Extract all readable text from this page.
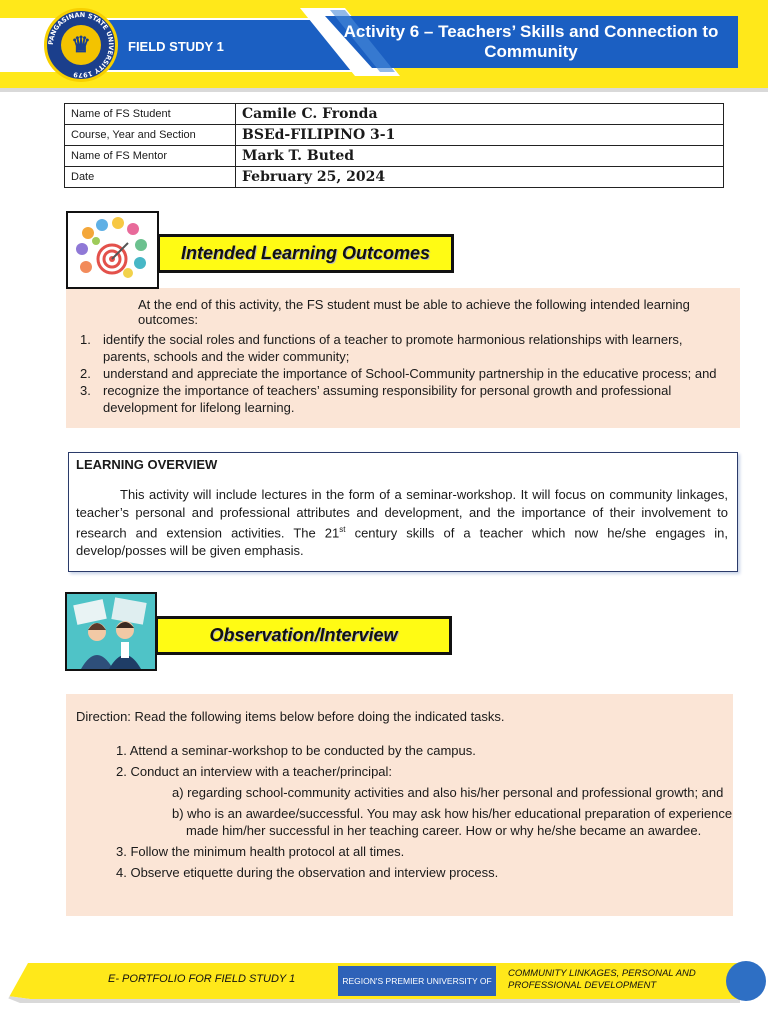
♛
PANGASINAN STATE UNIVERSITY 1979
FIELD STUDY 1
Activity 6 – Teachers’ Skills and Connection to Community
Name of FS Student	Camile C. Fronda
Course, Year and Section	BSEd-FILIPINO 3-1
Name of FS Mentor	Mark T. Buted
Date	February 25, 2024
Intended Learning Outcomes
At the end of this activity, the FS student must be able to achieve the following intended learning outcomes:
1. identify the social roles and functions of a teacher to promote harmonious relationships with learners, parents, schools and the wider community;
2. understand and appreciate the importance of School-Community partnership in the educative process; and
3. recognize the importance of teachers’ assuming responsibility for personal growth and professional development for lifelong learning.
LEARNING OVERVIEW
This activity will include lectures in the form of a seminar-workshop. It will focus on community linkages, teacher’s personal and professional attributes and development, and the importance of their involvement to research and extension activities. The 21st century skills of a teacher which now he/she engages in, develop/posses will be given emphasis.
Observation/Interview
Direction: Read the following items below before doing the indicated tasks.
1. Attend a seminar-workshop to be conducted by the campus.
2. Conduct an interview with a teacher/principal:
a) regarding school-community activities and also his/her personal and professional growth; and
b) who is an awardee/successful. You may ask how his/her educational preparation of experience
made him/her successful in her teaching career. How or why he/she became an awardee.
3. Follow the minimum health protocol at all times.
4. Observe etiquette during the observation and interview process.
E- PORTFOLIO FOR FIELD STUDY 1	REGION'S PREMIER UNIVERSITY OF
COMMUNITY LINKAGES, PERSONAL AND PROFESSIONAL DEVELOPMENT
